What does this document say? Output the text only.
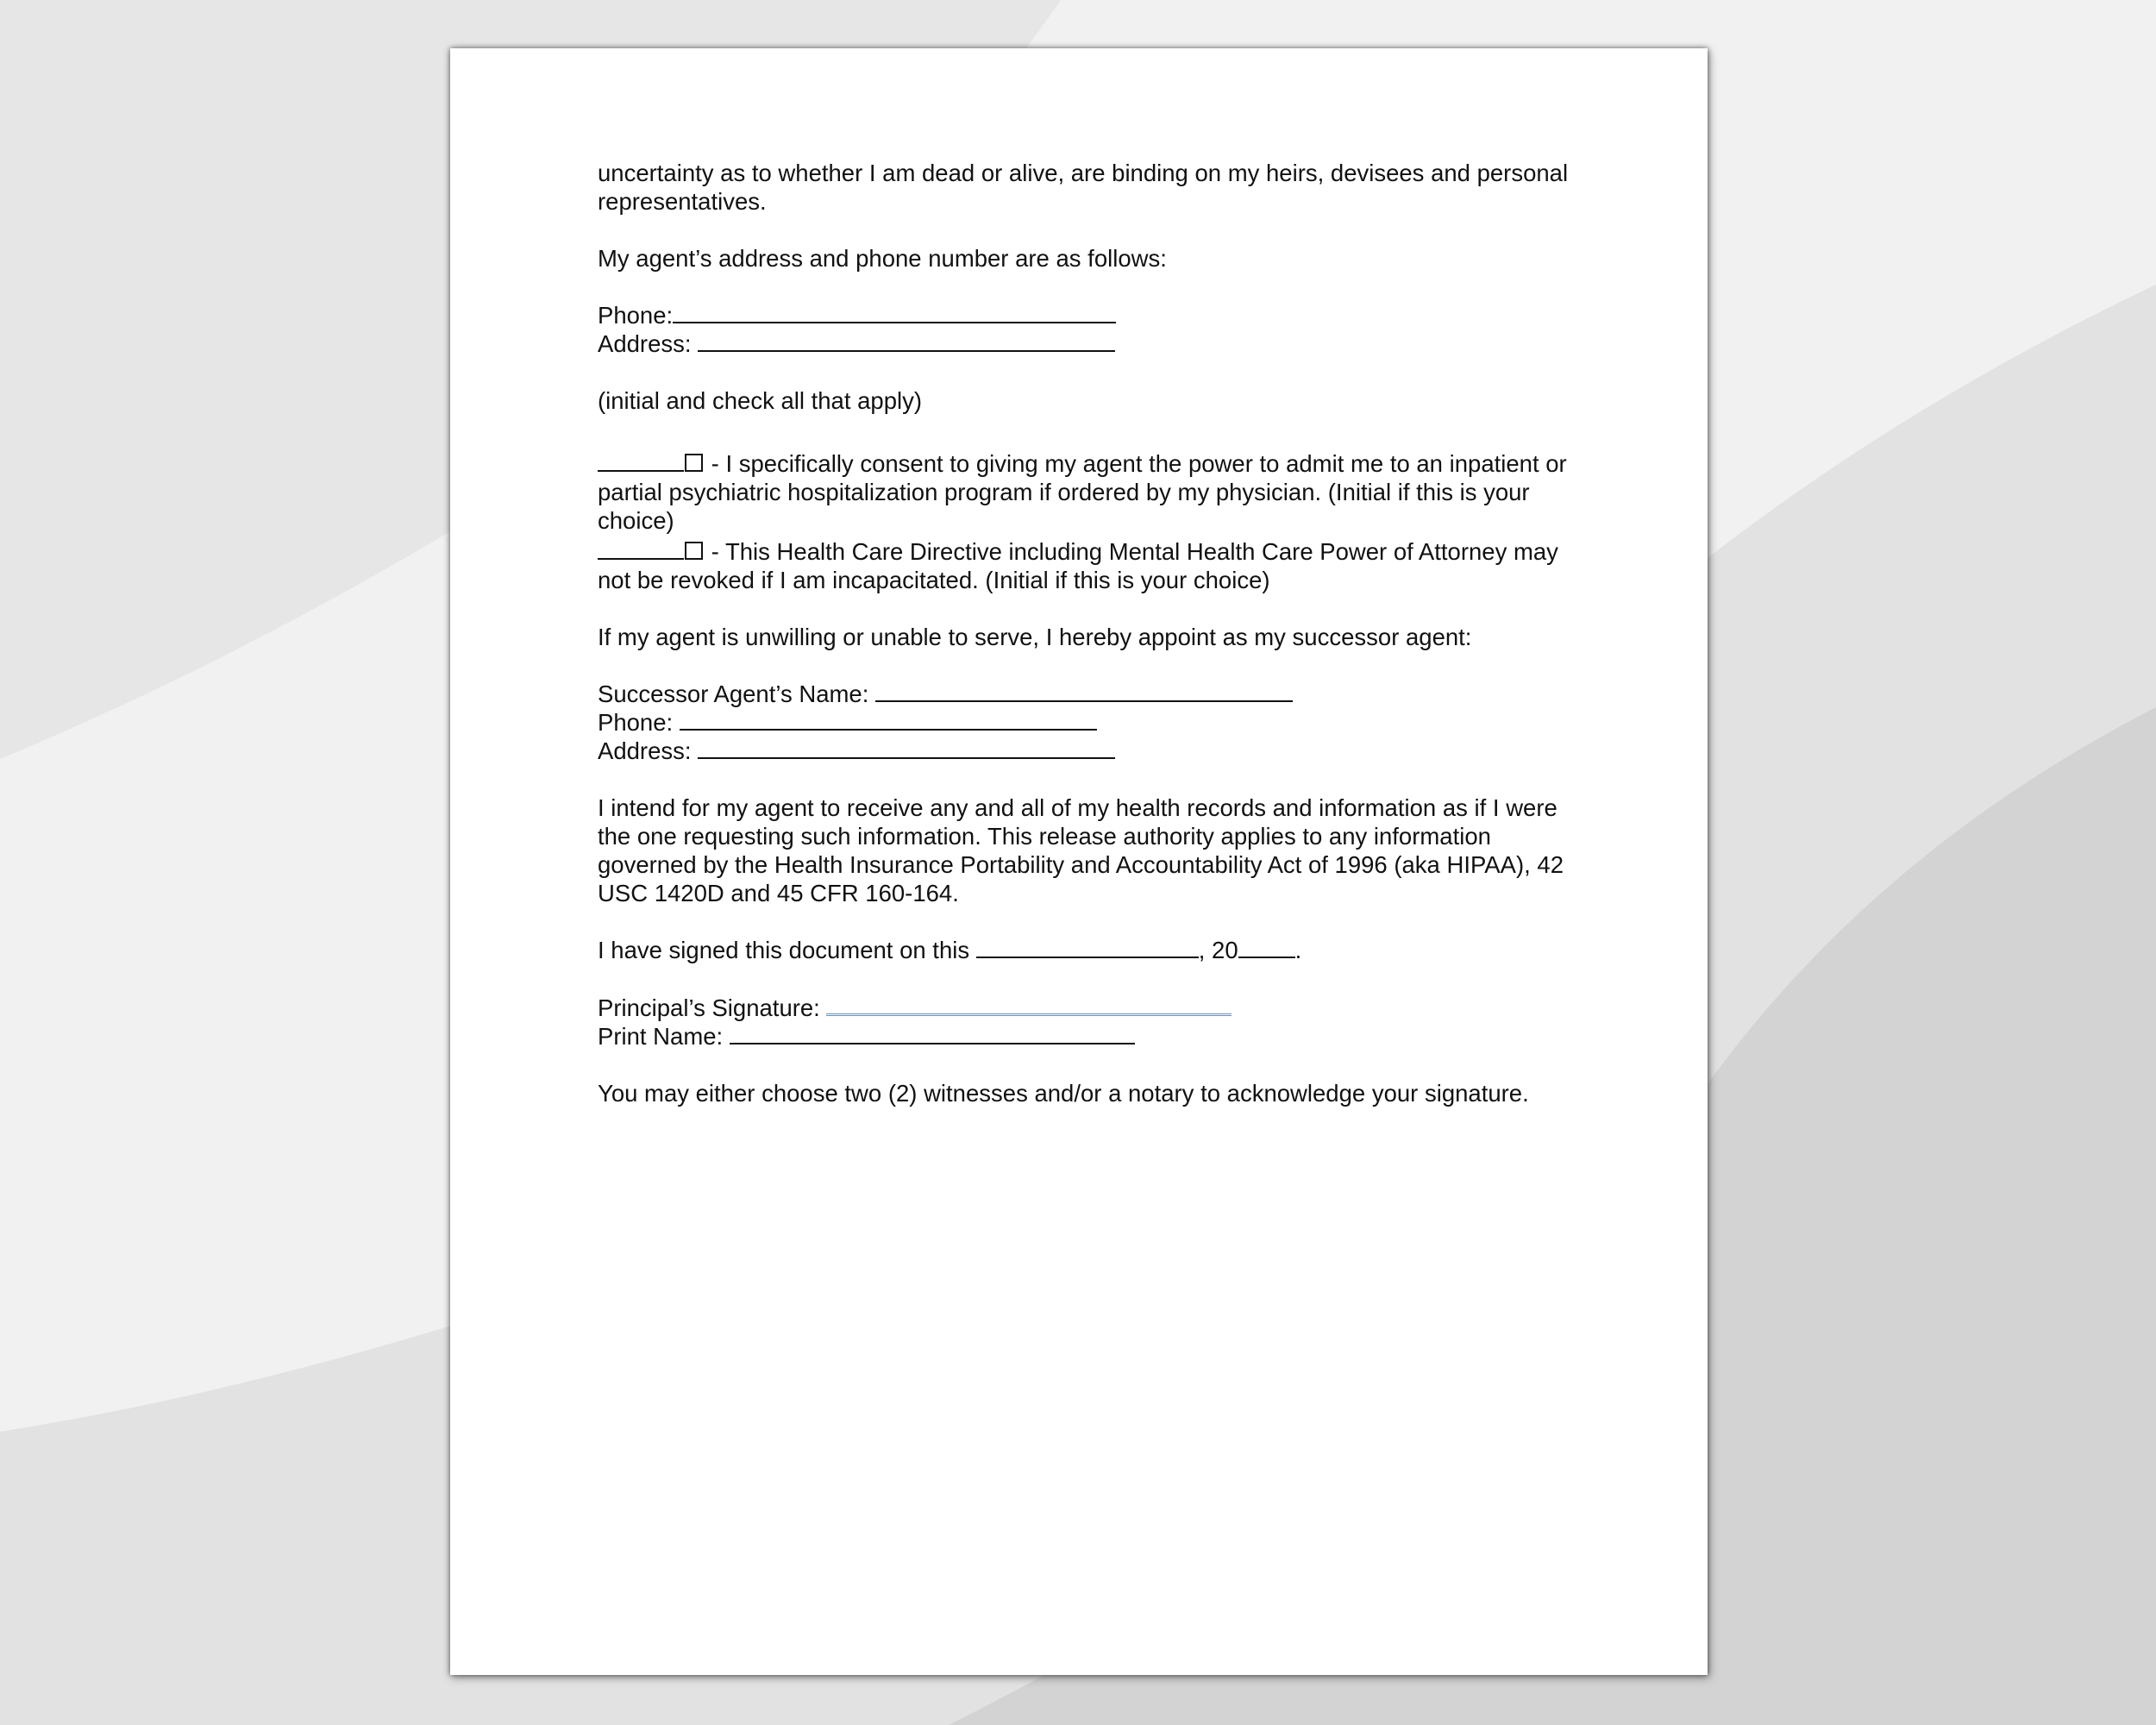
uncertainty as to whether I am dead or alive, are binding on my heirs, devisees and personal representatives.

My agent’s address and phone number are as follows:

Phone:
Address:

(initial and check all that apply)

- I specifically consent to giving my agent the power to admit me to an inpatient or partial psychiatric hospitalization program if ordered by my physician. (Initial if this is your choice)

- This Health Care Directive including Mental Health Care Power of Attorney may not be revoked if I am incapacitated. (Initial if this is your choice)

If my agent is unwilling or unable to serve, I hereby appoint as my successor agent:

Successor Agent’s Name:
Phone:
Address:

I intend for my agent to receive any and all of my health records and information as if I were the one requesting such information. This release authority applies to any information governed by the Health Insurance Portability and Accountability Act of 1996 (aka HIPAA), 42 USC 1420D and 45 CFR 160-164.

I have signed this document on this	, 20 .

Principal’s Signature:
Print Name:

You may either choose two (2) witnesses and/or a notary to acknowledge your signature.
